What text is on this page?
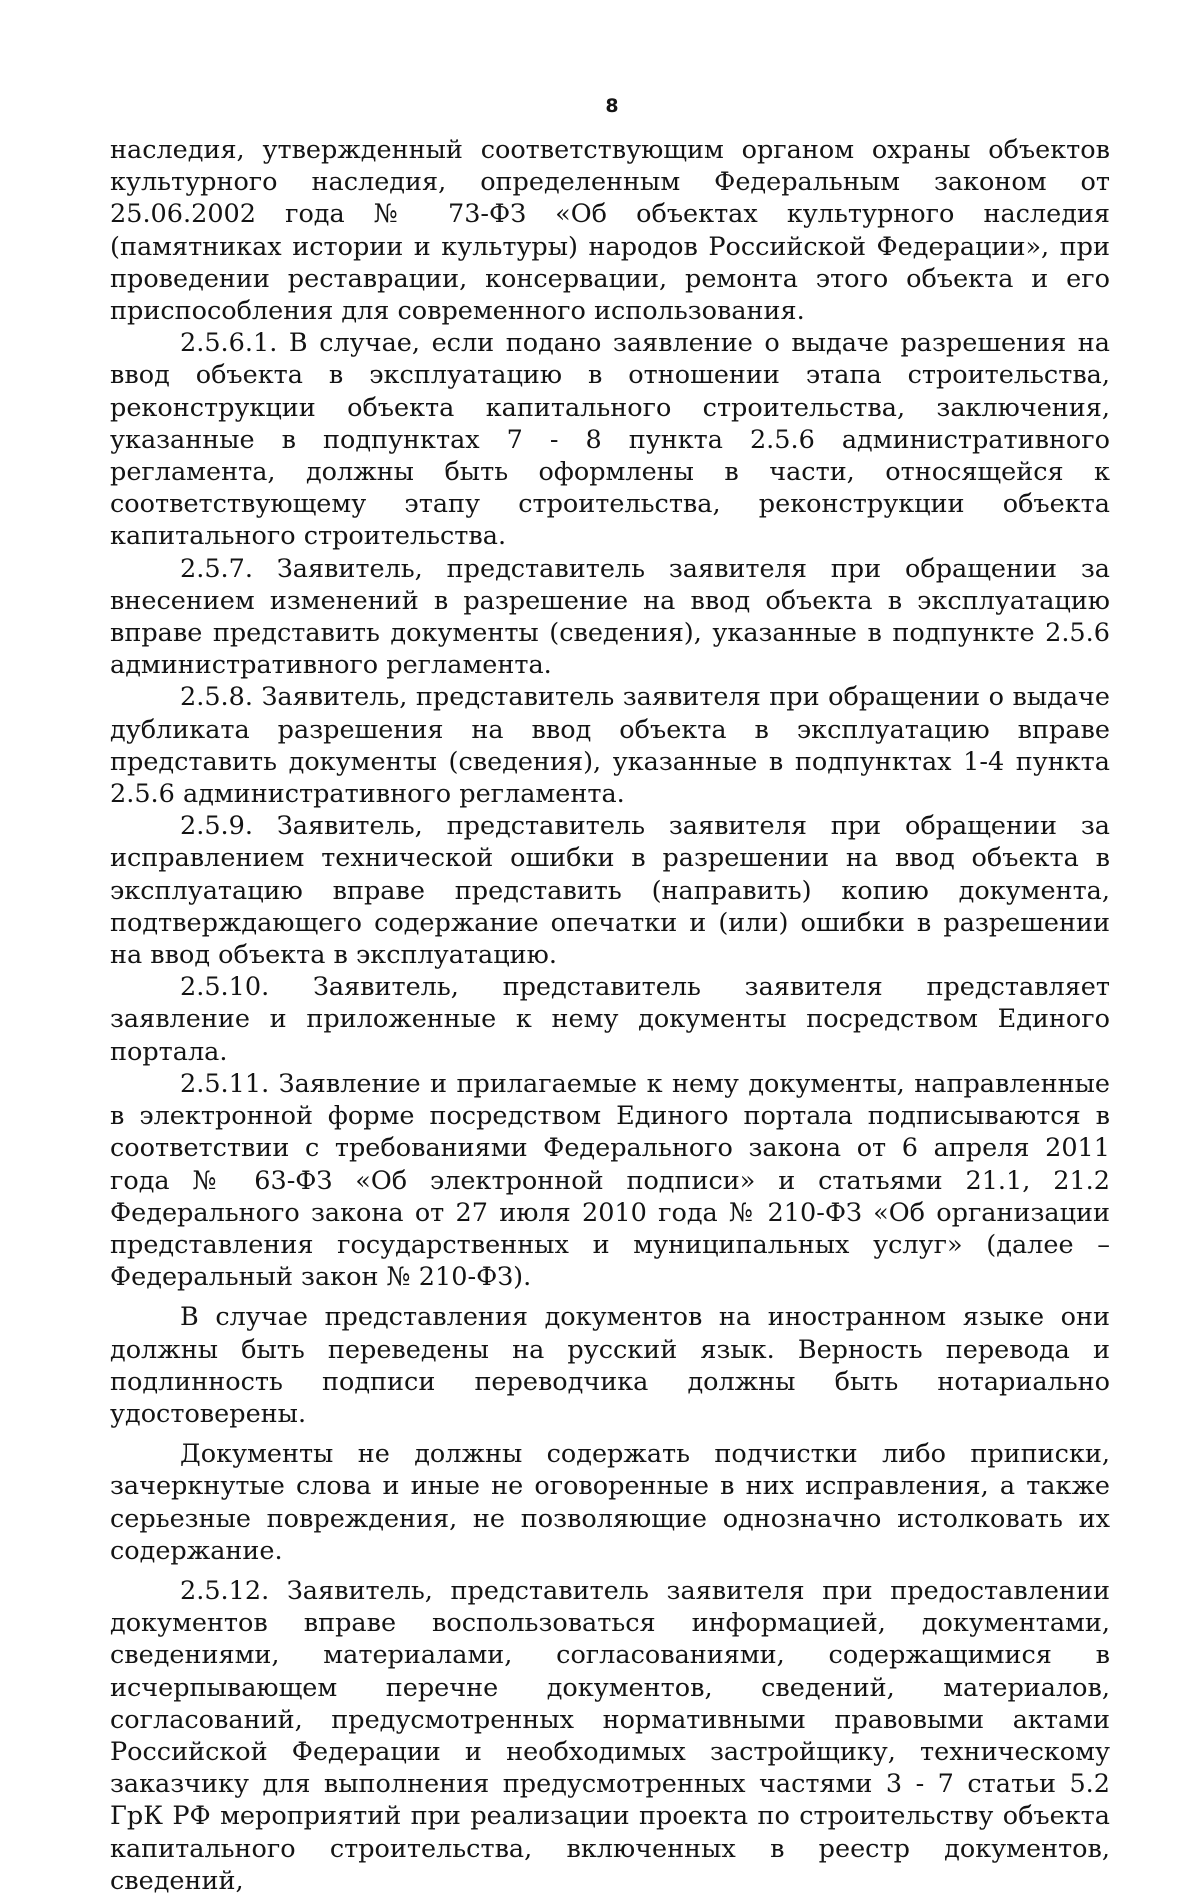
8

наследия, утвержденный соответствующим органом охраны объектов культурного наследия, определенным Федеральным законом от 25.06.2002 года № 73-ФЗ «Об объектах культурного наследия (памятниках истории и культуры) народов Российской Федерации», при проведении реставрации, консервации, ремонта этого объекта и его приспособления для современного использования.

2.5.6.1. В случае, если подано заявление о выдаче разрешения на ввод объекта в эксплуатацию в отношении этапа строительства, реконструкции объекта капитального строительства, заключения, указанные в подпунктах 7 - 8 пункта 2.5.6 административного регламента, должны быть оформлены в части, относящейся к соответствующему этапу строительства, реконструкции объекта капитального строительства.

2.5.7. Заявитель, представитель заявителя при обращении за внесением изменений в разрешение на ввод объекта в эксплуатацию вправе представить документы (сведения), указанные в подпункте 2.5.6 административного регламента.

2.5.8. Заявитель, представитель заявителя при обращении о выдаче дубликата разрешения на ввод объекта в эксплуатацию вправе представить документы (сведения), указанные в подпунктах 1-4 пункта 2.5.6 административного регламента.

2.5.9. Заявитель, представитель заявителя при обращении за исправлением технической ошибки в разрешении на ввод объекта в эксплуатацию вправе представить (направить) копию документа, подтверждающего содержание опечатки и (или) ошибки в разрешении на ввод объекта в эксплуатацию.

2.5.10. Заявитель, представитель заявителя представляет заявление и приложенные к нему документы посредством Единого портала.

2.5.11. Заявление и прилагаемые к нему документы, направленные в электронной форме посредством Единого портала подписываются в соответствии с требованиями Федерального закона от 6 апреля 2011 года № 63-ФЗ «Об электронной подписи» и статьями 21.1, 21.2 Федерального закона от 27 июля 2010 года № 210-ФЗ «Об организации представления государственных и муниципальных услуг» (далее – Федеральный закон № 210-ФЗ).

В случае представления документов на иностранном языке они должны быть переведены на русский язык. Верность перевода и подлинность подписи переводчика должны быть нотариально удостоверены.

Документы не должны содержать подчистки либо приписки, зачеркнутые слова и иные не оговоренные в них исправления, а также серьезные повреждения, не позволяющие однозначно истолковать их содержание.

2.5.12. Заявитель, представитель заявителя при предоставлении документов вправе воспользоваться информацией, документами, сведениями, материалами, согласованиями, содержащимися в исчерпывающем перечне документов, сведений, материалов, согласований, предусмотренных нормативными правовыми актами Российской Федерации и необходимых застройщику, техническому заказчику для выполнения предусмотренных частями 3 - 7 статьи 5.2 ГрК РФ мероприятий при реализации проекта по строительству объекта капитального строительства, включенных в реестр документов, сведений,
